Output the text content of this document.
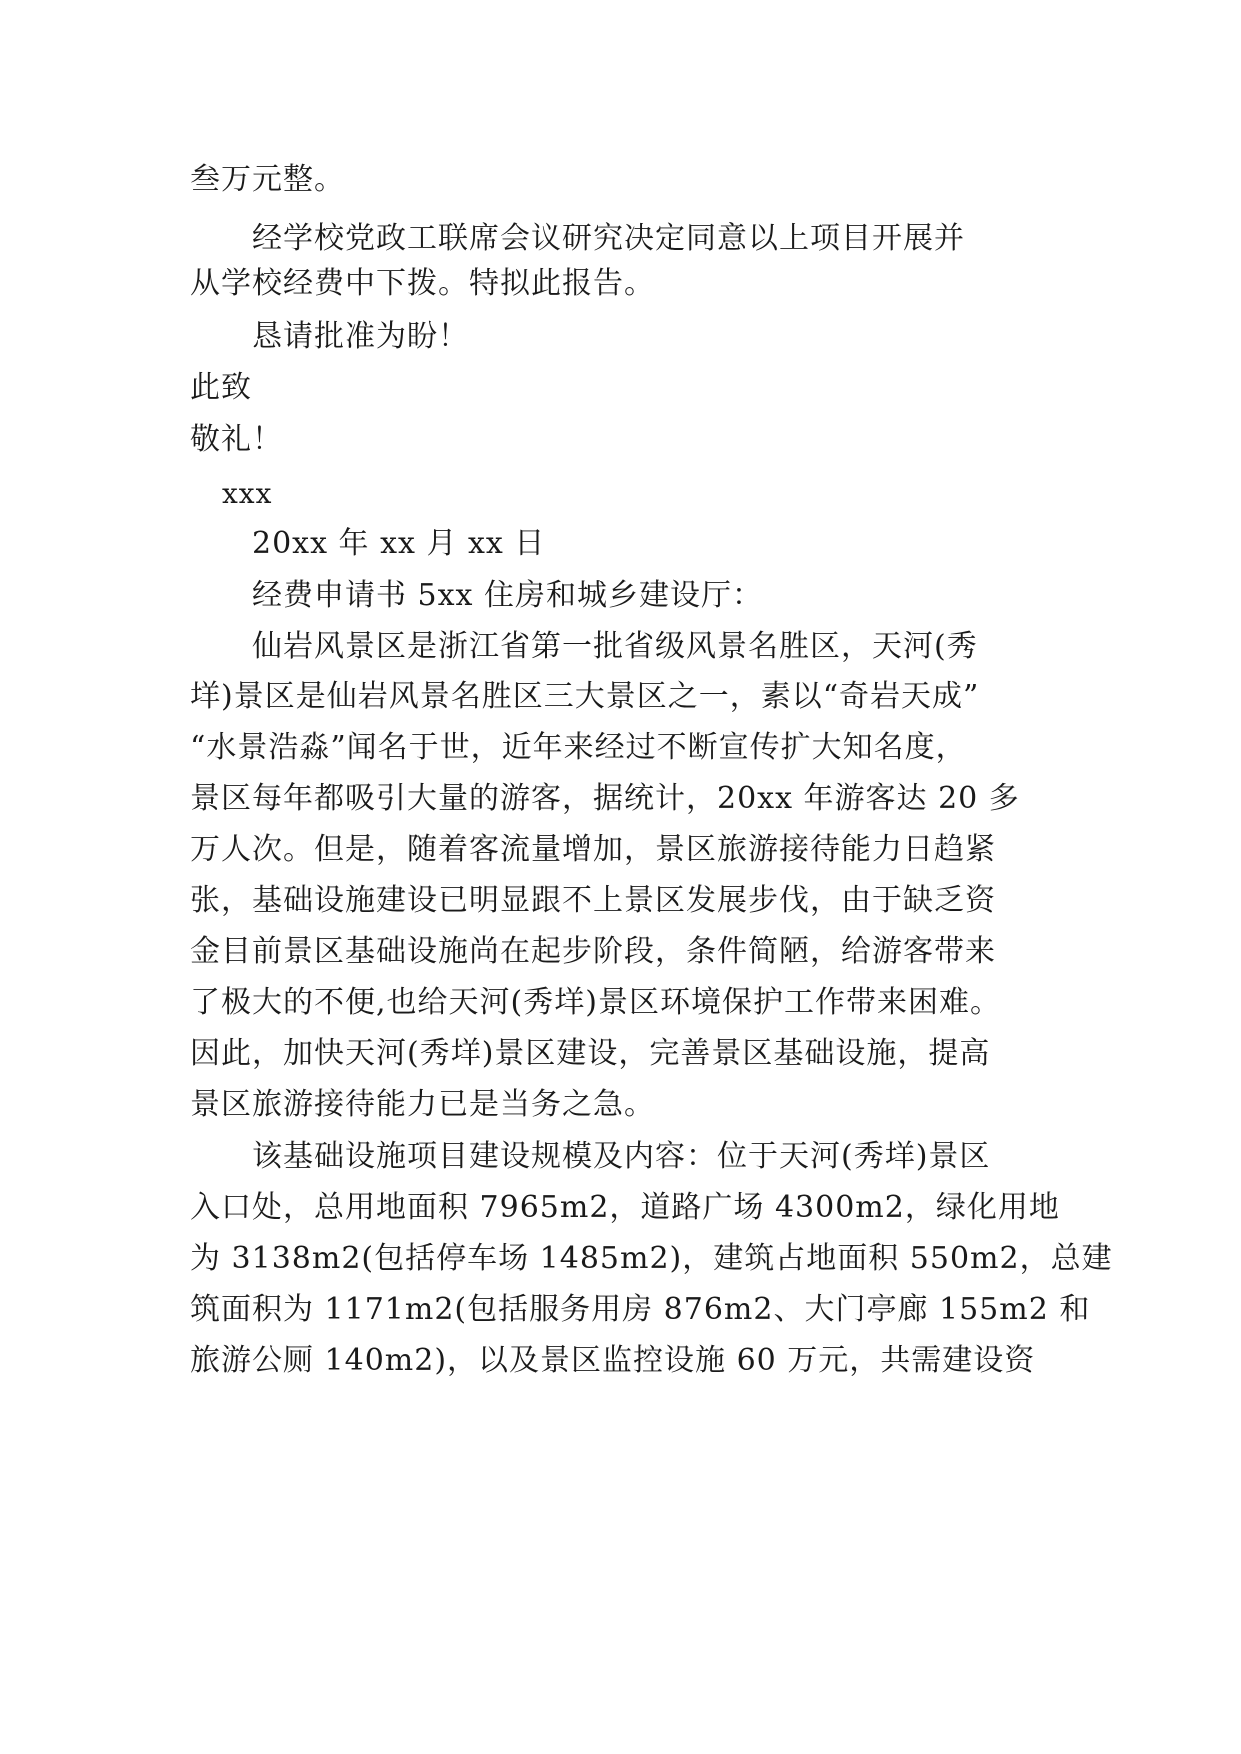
叁万元整。
经学校党政工联席会议研究决定同意以上项目开展并
从学校经费中下拨。特拟此报告。
恳请批准为盼！
此致
敬礼！
xxx
20xx 年 xx 月 xx 日
经费申请书 5xx 住房和城乡建设厅：
仙岩风景区是浙江省第一批省级风景名胜区，天河(秀
垟)景区是仙岩风景名胜区三大景区之一，素以“奇岩天成”
“水景浩淼”闻名于世，近年来经过不断宣传扩大知名度，
景区每年都吸引大量的游客，据统计，20xx 年游客达 20 多
万人次。但是，随着客流量增加，景区旅游接待能力日趋紧
张，基础设施建设已明显跟不上景区发展步伐，由于缺乏资
金目前景区基础设施尚在起步阶段，条件简陋，给游客带来
了极大的不便,也给天河(秀垟)景区环境保护工作带来困难。
因此，加快天河(秀垟)景区建设，完善景区基础设施，提高
景区旅游接待能力已是当务之急。
该基础设施项目建设规模及内容：位于天河(秀垟)景区
入口处，总用地面积 7965m2，道路广场 4300m2，绿化用地
为 3138m2(包括停车场 1485m2)，建筑占地面积 550m2，总建
筑面积为 1171m2(包括服务用房 876m2、大门亭廊 155m2 和
旅游公厕 140m2)，以及景区监控设施 60 万元，共需建设资
